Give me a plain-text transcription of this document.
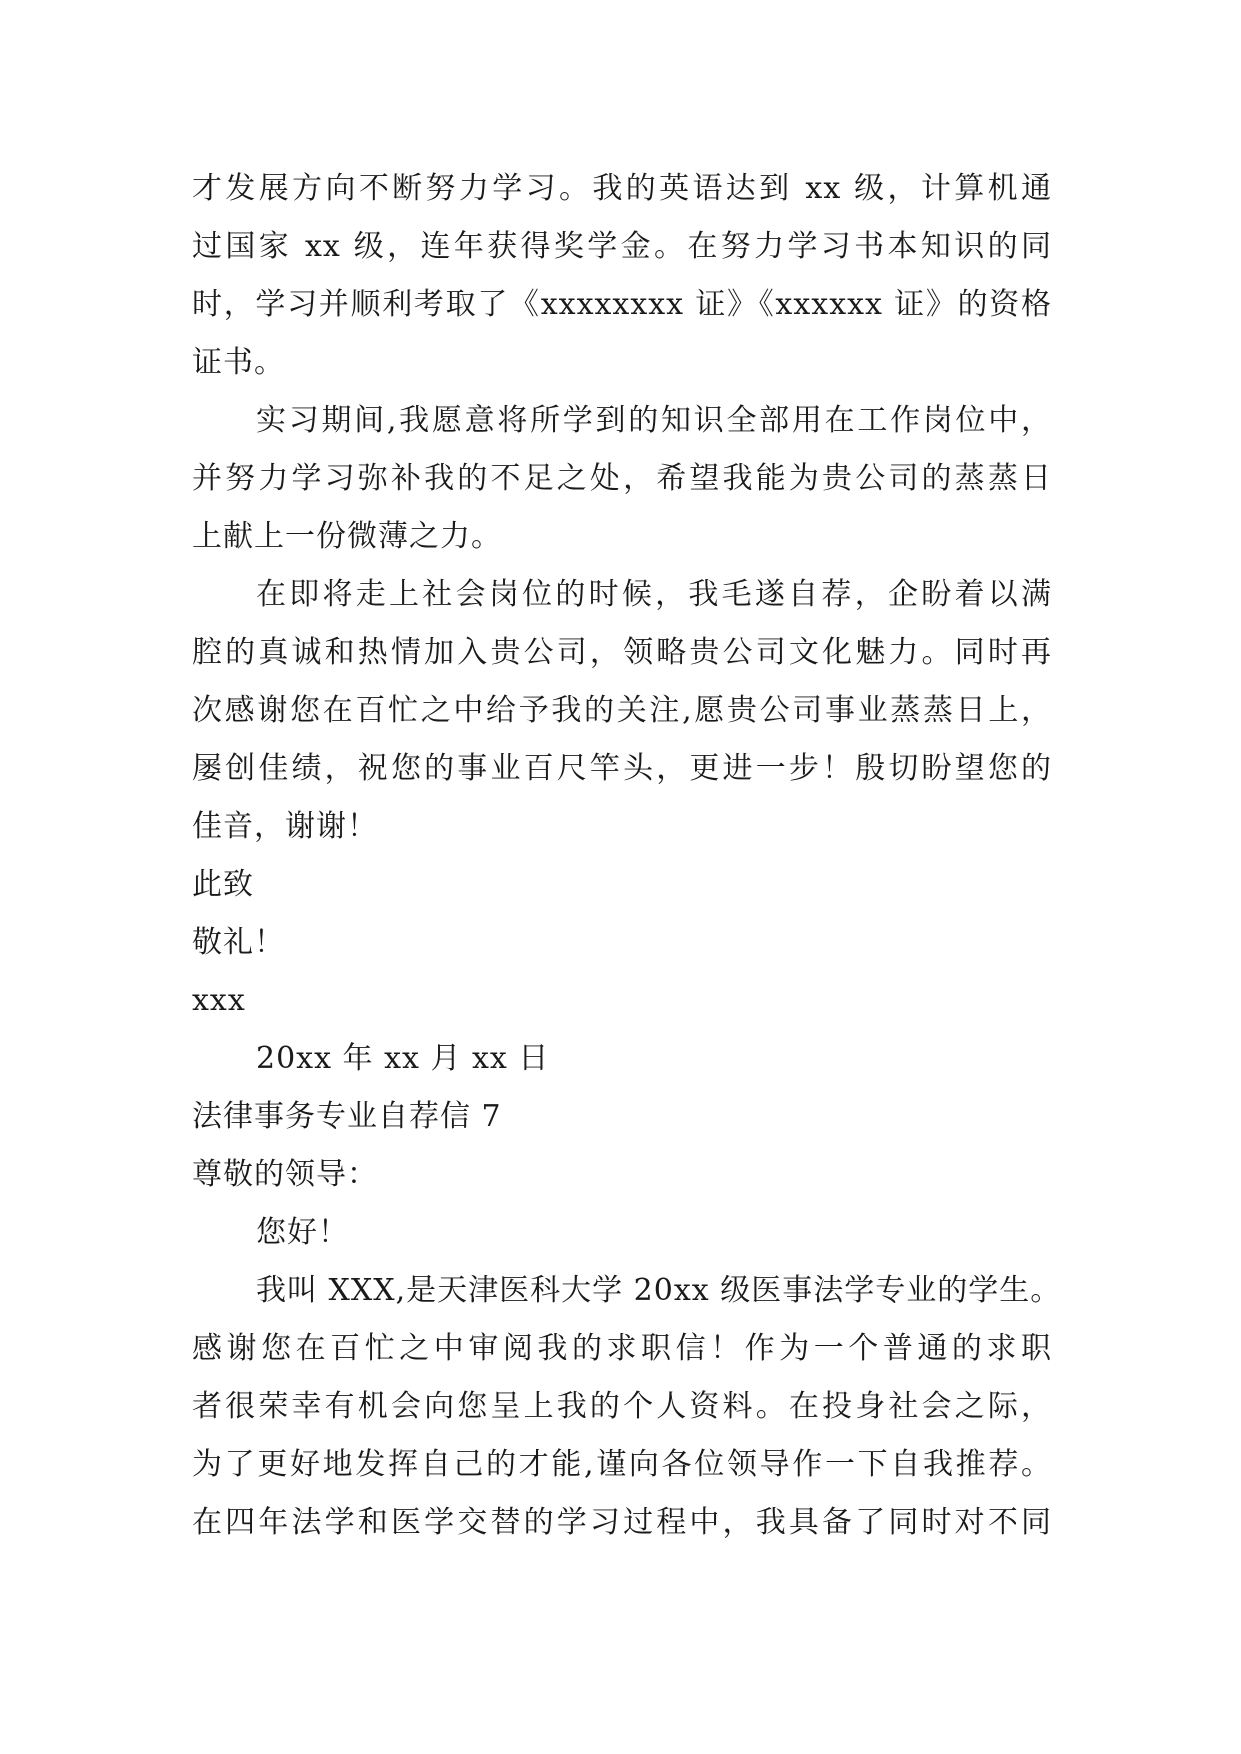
才发展方向不断努力学习。我的英语达到 xx 级，计算机通
过国家 xx 级，连年获得奖学金。在努力学习书本知识的同
时，学习并顺利考取了《xxxxxxxx 证》《xxxxxx 证》的资格
证书。
实习期间,我愿意将所学到的知识全部用在工作岗位中，
并努力学习弥补我的不足之处，希望我能为贵公司的蒸蒸日
上献上一份微薄之力。
在即将走上社会岗位的时候，我毛遂自荐，企盼着以满
腔的真诚和热情加入贵公司，领略贵公司文化魅力。同时再
次感谢您在百忙之中给予我的关注,愿贵公司事业蒸蒸日上，
屡创佳绩，祝您的事业百尺竿头，更进一步！殷切盼望您的
佳音，谢谢！
此致
敬礼！
xxx
20xx 年 xx 月 xx 日
法律事务专业自荐信 7
尊敬的领导：
您好！
我叫 XXX,是天津医科大学 20xx 级医事法学专业的学生。
感谢您在百忙之中审阅我的求职信！作为一个普通的求职
者很荣幸有机会向您呈上我的个人资料。在投身社会之际，
为了更好地发挥自己的才能,谨向各位领导作一下自我推荐。
在四年法学和医学交替的学习过程中，我具备了同时对不同
